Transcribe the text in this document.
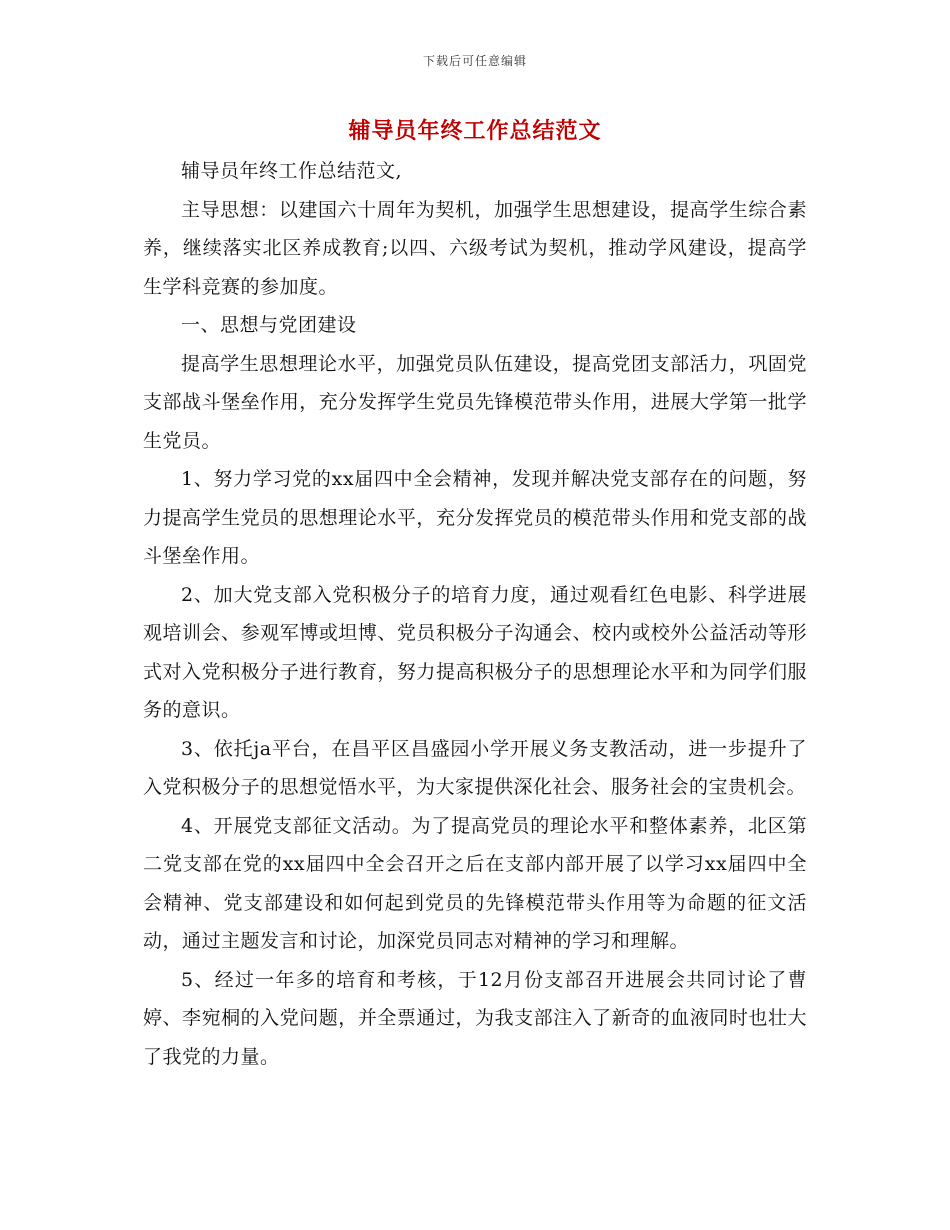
下载后可任意编辑
辅导员年终工作总结范文

辅导员年终工作总结范文,

主导思想：以建国六十周年为契机，加强学生思想建设，提高学生综合素养，继续落实北区养成教育;以四、六级考试为契机，推动学风建设，提高学生学科竞赛的参加度。

一、思想与党团建设

提高学生思想理论水平，加强党员队伍建设，提高党团支部活力，巩固党支部战斗堡垒作用，充分发挥学生党员先锋模范带头作用，进展大学第一批学生党员。

1、努力学习党的xx届四中全会精神，发现并解决党支部存在的问题，努力提高学生党员的思想理论水平，充分发挥党员的模范带头作用和党支部的战斗堡垒作用。

2、加大党支部入党积极分子的培育力度，通过观看红色电影、科学进展观培训会、参观军博或坦博、党员积极分子沟通会、校内或校外公益活动等形式对入党积极分子进行教育，努力提高积极分子的思想理论水平和为同学们服务的意识。

3、依托ja平台，在昌平区昌盛园小学开展义务支教活动，进一步提升了入党积极分子的思想觉悟水平，为大家提供深化社会、服务社会的宝贵机会。

4、开展党支部征文活动。为了提高党员的理论水平和整体素养，北区第二党支部在党的xx届四中全会召开之后在支部内部开展了以学习xx届四中全会精神、党支部建设和如何起到党员的先锋模范带头作用等为命题的征文活动，通过主题发言和讨论，加深党员同志对精神的学习和理解。

5、经过一年多的培育和考核，于12月份支部召开进展会共同讨论了曹婷、李宛桐的入党问题，并全票通过，为我支部注入了新奇的血液同时也壮大了我党的力量。
